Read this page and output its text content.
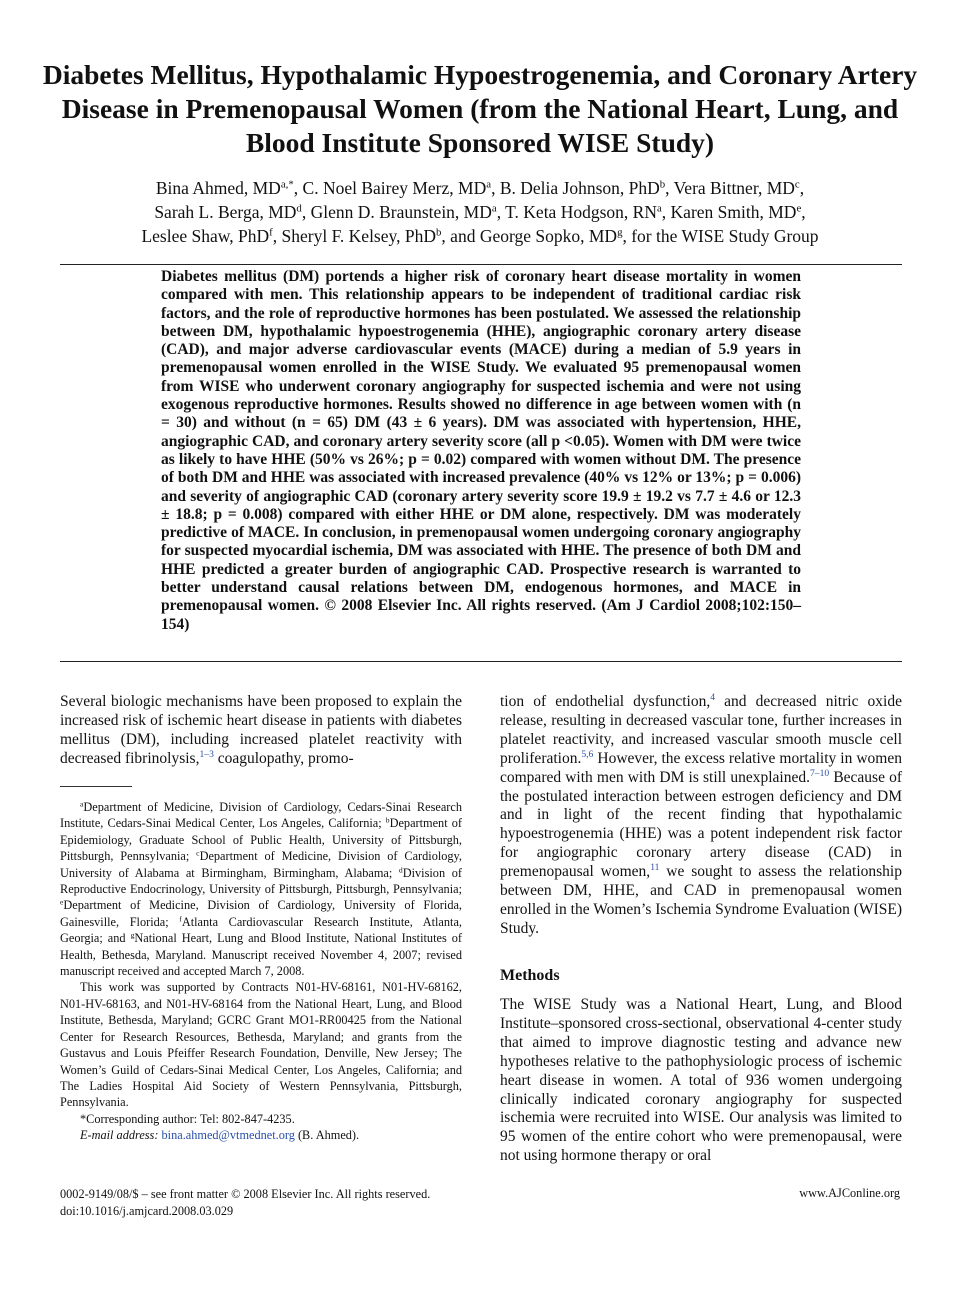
Diabetes Mellitus, Hypothalamic Hypoestrogenemia, and Coronary Artery Disease in Premenopausal Women (from the National Heart, Lung, and Blood Institute Sponsored WISE Study)
Bina Ahmed, $MD^{a,*}$, C. Noel Bairey Merz, $MD^a$, B. Delia Johnson, PhD$^b$, Vera Bittner, $MD^c$,
Sarah L. Berga, $MD^d$, Glenn D. Braunstein, $MD^a$, T. Keta Hodgson, $RN^a$, Karen Smith, MDe,
Leslee Shaw, PhD$^f$, Sheryl F. Kelsey, PhD$^b$, and George Sopko, $MD^g$, for the WISE Study Group
Diabetes mellitus (DM) portends a higher risk of coronary heart disease mortality in women compared with men. This relationship appears to be independent of traditional cardiac risk factors, and the role of reproductive hormones has been postulated. We assessed the relationship between DM, hypothalamic hypoestrogenemia (HHE), angiographic coronary artery disease (CAD), and major adverse cardiovascular events (MACE) during a median of 5.9 years in premenopausal women enrolled in the WISE Study. We evaluated 95 premenopausal women from WISE who underwent coronary angiography for suspected ischemia and were not using exogenous reproductive hormones. Results showed no difference in age between women with (n = 30) and without (n = 65) DM (43 ± 6 years). DM was associated with hypertension, HHE, angiographic CAD, and coronary artery severity score (all p <0.05). Women with DM were twice as likely to have HHE (50% vs 26%; p = 0.02) compared with women without DM. The presence of both DM and HHE was associated with increased prevalence (40% vs 12% or 13%; p = 0.006) and severity of angiographic CAD (coronary artery severity score 19.9 ± 19.2 vs 7.7 ± 4.6 or 12.3 ± 18.8; p = 0.008) compared with either HHE or DM alone, respectively. DM was moderately predictive of MACE. In conclusion, in premenopausal women undergoing coronary angiography for suspected myocardial ischemia, DM was associated with HHE. The presence of both DM and HHE predicted a greater burden of angiographic CAD. Prospective research is warranted to better understand causal relations between DM, endogenous hormones, and MACE in premenopausal women. © 2008 Elsevier Inc. All rights reserved. (Am J Cardiol 2008;102:150–154)

Several biologic mechanisms have been proposed to explain the increased risk of ischemic heart disease in patients with diabetes mellitus (DM), including increased platelet reactivity with decreased fibrinolysis,$^{1-3}$ coagulopathy, promo-

$^a$Department of Medicine, Division of Cardiology, Cedars-Sinai Research Institute, Cedars-Sinai Medical Center, Los Angeles, California; $^b$Department of Epidemiology, Graduate School of Public Health, University of Pittsburgh, Pittsburgh, Pennsylvania; $^c$Department of Medicine, Division of Cardiology, University of Alabama at Birmingham, Birmingham, Alabama; $^d$Division of Reproductive Endocrinology, University of Pittsburgh, Pittsburgh, Pennsylvania; $^e$Department of Medicine, Division of Cardiology, University of Florida, Gainesville, Florida; $^f$Atlanta Cardiovascular Research Institute, Atlanta, Georgia; and $^g$National Heart, Lung and Blood Institute, National Institutes of Health, Bethesda, Maryland. Manuscript received November 4, 2007; revised manuscript received and accepted March 7, 2008.

This work was supported by Contracts N01-HV-68161, N01-HV-68162, N01-HV-68163, and N01-HV-68164 from the National Heart, Lung, and Blood Institute, Bethesda, Maryland; GCRC Grant MO1-RR00425 from the National Center for Research Resources, Bethesda, Maryland; and grants from the Gustavus and Louis Pfeiffer Research Foundation, Denville, New Jersey; The Women’s Guild of Cedars-Sinai Medical Center, Los Angeles, California; and The Ladies Hospital Aid Society of Western Pennsylvania, Pittsburgh, Pennsylvania.

*Corresponding author: Tel: 802-847-4235.

E-mail address: bina.ahmed@vtmednet.org (B. Ahmed).

tion of endothelial dysfunction,$^4$ and decreased nitric oxide release, resulting in decreased vascular tone, further increases in platelet reactivity, and increased vascular smooth muscle cell proliferation.$^{5,6}$ However, the excess relative mortality in women compared with men with DM is still unexplained.$^{7-10}$ Because of the postulated interaction between estrogen deficiency and DM and in light of the recent finding that hypothalamic hypoestrogenemia (HHE) was a potent independent risk factor for angiographic coronary artery disease (CAD) in premenopausal women,$^{11}$ we sought to assess the relationship between DM, HHE, and CAD in premenopausal women enrolled in the Women’s Ischemia Syndrome Evaluation (WISE) Study.

Methods
The WISE Study was a National Heart, Lung, and Blood Institute–sponsored cross-sectional, observational 4-center study that aimed to improve diagnostic testing and advance new hypotheses relative to the pathophysiologic process of ischemic heart disease in women. A total of 936 women undergoing clinically indicated coronary angiography for suspected ischemia were recruited into WISE. Our analysis was limited to 95 women of the entire cohort who were premenopausal, were not using hormone therapy or oral
0002-9149/08/$ – see front matter © 2008 Elsevier Inc. All rights reserved.
doi:10.1016/j.amjcard.2008.03.029
www.AJConline.org
